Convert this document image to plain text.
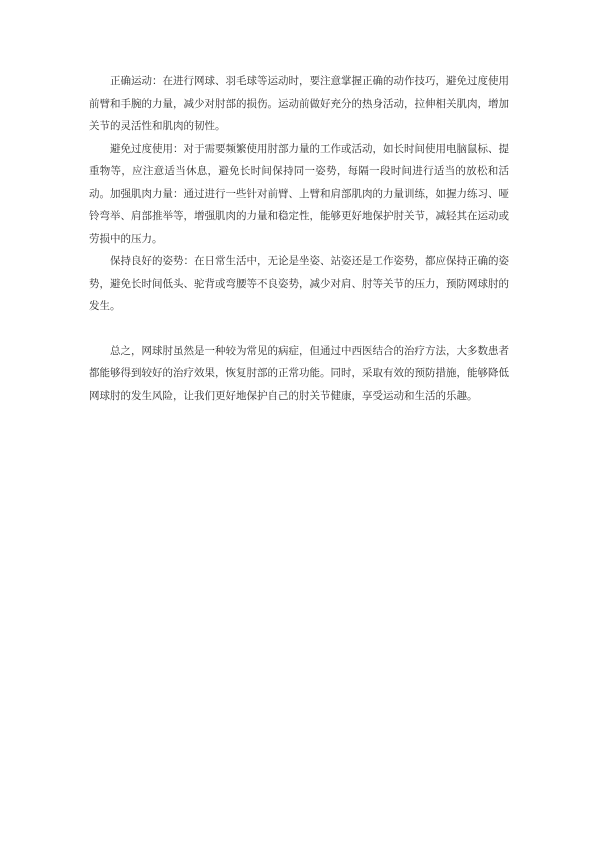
正确运动：在进行网球、羽毛球等运动时，要注意掌握正确的动作技巧，避免过度使用前臂和手腕的力量，减少对肘部的损伤。运动前做好充分的热身活动，拉伸相关肌肉，增加关节的灵活性和肌肉的韧性。

避免过度使用：对于需要频繁使用肘部力量的工作或活动，如长时间使用电脑鼠标、提重物等，应注意适当休息，避免长时间保持同一姿势，每隔一段时间进行适当的放松和活动。加强肌肉力量：通过进行一些针对前臂、上臂和肩部肌肉的力量训练，如握力练习、哑铃弯举、肩部推举等，增强肌肉的力量和稳定性，能够更好地保护肘关节，减轻其在运动或劳损中的压力。

保持良好的姿势：在日常生活中，无论是坐姿、站姿还是工作姿势，都应保持正确的姿势，避免长时间低头、驼背或弯腰等不良姿势，减少对肩、肘等关节的压力，预防网球肘的发生。

总之，网球肘虽然是一种较为常见的病症，但通过中西医结合的治疗方法，大多数患者都能够得到较好的治疗效果，恢复肘部的正常功能。同时，采取有效的预防措施，能够降低网球肘的发生风险，让我们更好地保护自己的肘关节健康，享受运动和生活的乐趣。
